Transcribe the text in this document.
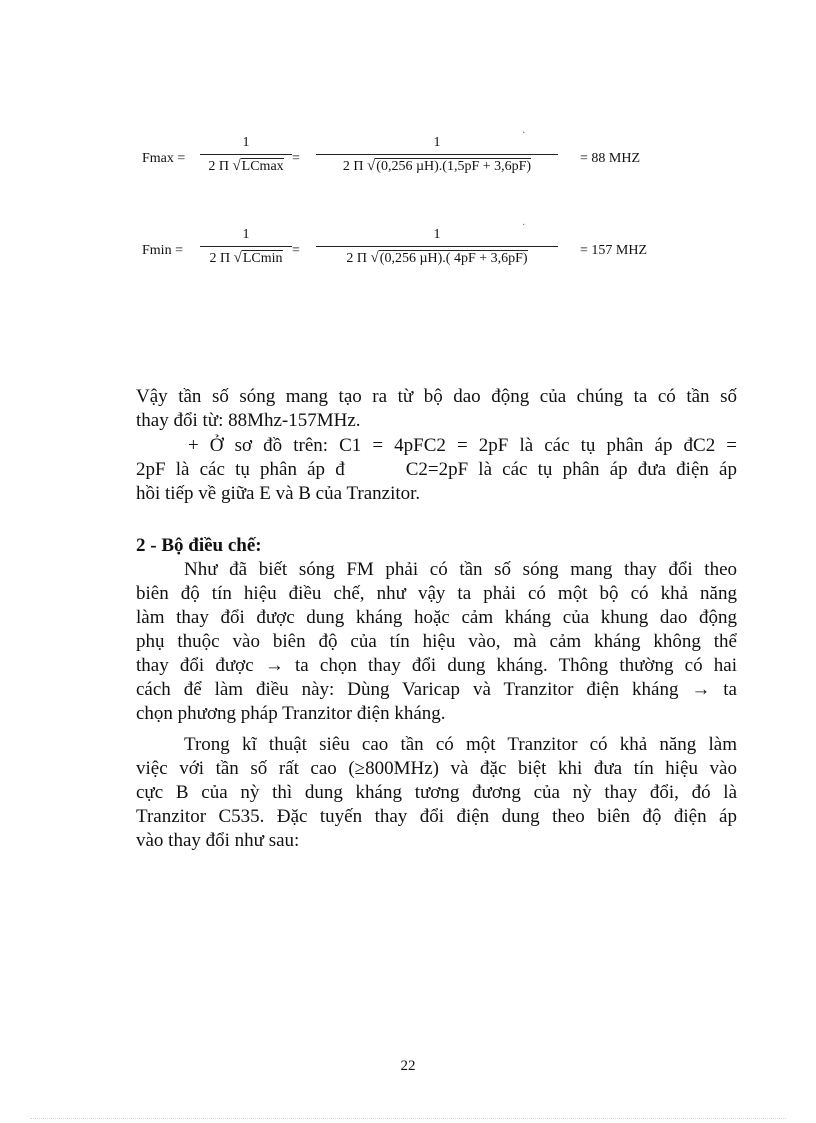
·
Fmax =
1
2 Π √LCmax
=
1
2 Π √(0,256 µH).(1,5pF + 3,6pF)
= 88 MHZ
·
Fmin =
1
2 Π √LCmin
=
1
2 Π √(0,256 µH).( 4pF + 3,6pF)
= 157 MHZ
Vậy tần số sóng mang tạo ra từ bộ dao động của chúng ta có tần số
thay đổi từ: 88Mhz-157MHz.
+ Ở sơ đồ trên: C1 = 4pFC2 = 2pF là các tụ phân áp đC2 =
2pF là các tụ phân áp đ      C2=2pF là các tụ phân áp đưa điện áp
hồi tiếp về giữa E và B của Tranzitor.
2 - Bộ điều chế:
Như đã biết sóng FM phải có tần số sóng mang thay đổi theo
biên độ tín hiệu điều chế, như vậy ta phải có một bộ có khả năng
làm thay đổi được dung kháng hoặc cảm kháng của khung dao động
phụ thuộc vào biên độ của tín hiệu vào, mà cảm kháng không thể
thay đổi được → ta chọn thay đổi dung kháng. Thông thường có hai
cách để làm điều này: Dùng Varicap và Tranzitor điện kháng → ta
chọn phương pháp Tranzitor điện kháng.
Trong kĩ thuật siêu cao tần có một Tranzitor có khả năng làm
việc với tần số rất cao (≥800MHz) và đặc biệt khi đưa tín hiệu vào
cực B của nỳ thì dung kháng tương đương của nỳ thay đổi, đó là
Tranzitor C535. Đặc tuyến thay đổi điện dung theo biên độ điện áp
vào thay đổi như sau:
22
